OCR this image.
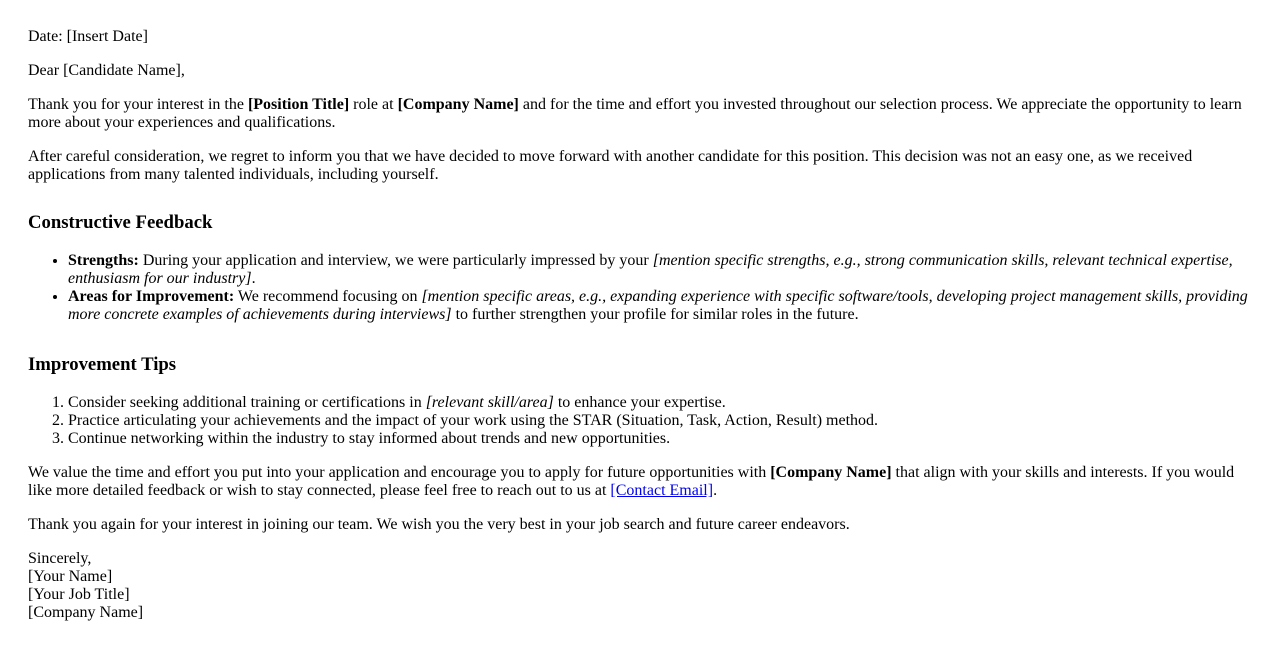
Date: [Insert Date]

Dear [Candidate Name],

Thank you for your interest in the [Position Title] role at [Company Name] and for the time and effort you invested throughout our selection process. We appreciate the opportunity to learn more about your experiences and qualifications.

After careful consideration, we regret to inform you that we have decided to move forward with another candidate for this position. This decision was not an easy one, as we received applications from many talented individuals, including yourself.

Constructive Feedback
• Strengths: During your application and interview, we were particularly impressed by your [mention specific strengths, e.g., strong communication skills, relevant technical expertise, enthusiasm for our industry].
• Areas for Improvement: We recommend focusing on [mention specific areas, e.g., expanding experience with specific software/tools, developing project management skills, providing more concrete examples of achievements during interviews] to further strengthen your profile for similar roles in the future.
Improvement Tips
1. Consider seeking additional training or certifications in [relevant skill/area] to enhance your expertise.
2. Practice articulating your achievements and the impact of your work using the STAR (Situation, Task, Action, Result) method.
3. Continue networking within the industry to stay informed about trends and new opportunities.

We value the time and effort you put into your application and encourage you to apply for future opportunities with [Company Name] that align with your skills and interests. If you would like more detailed feedback or wish to stay connected, please feel free to reach out to us at [Contact Email].

Thank you again for your interest in joining our team. We wish you the very best in your job search and future career endeavors.

Sincerely,
[Your Name]
[Your Job Title]
[Company Name]
